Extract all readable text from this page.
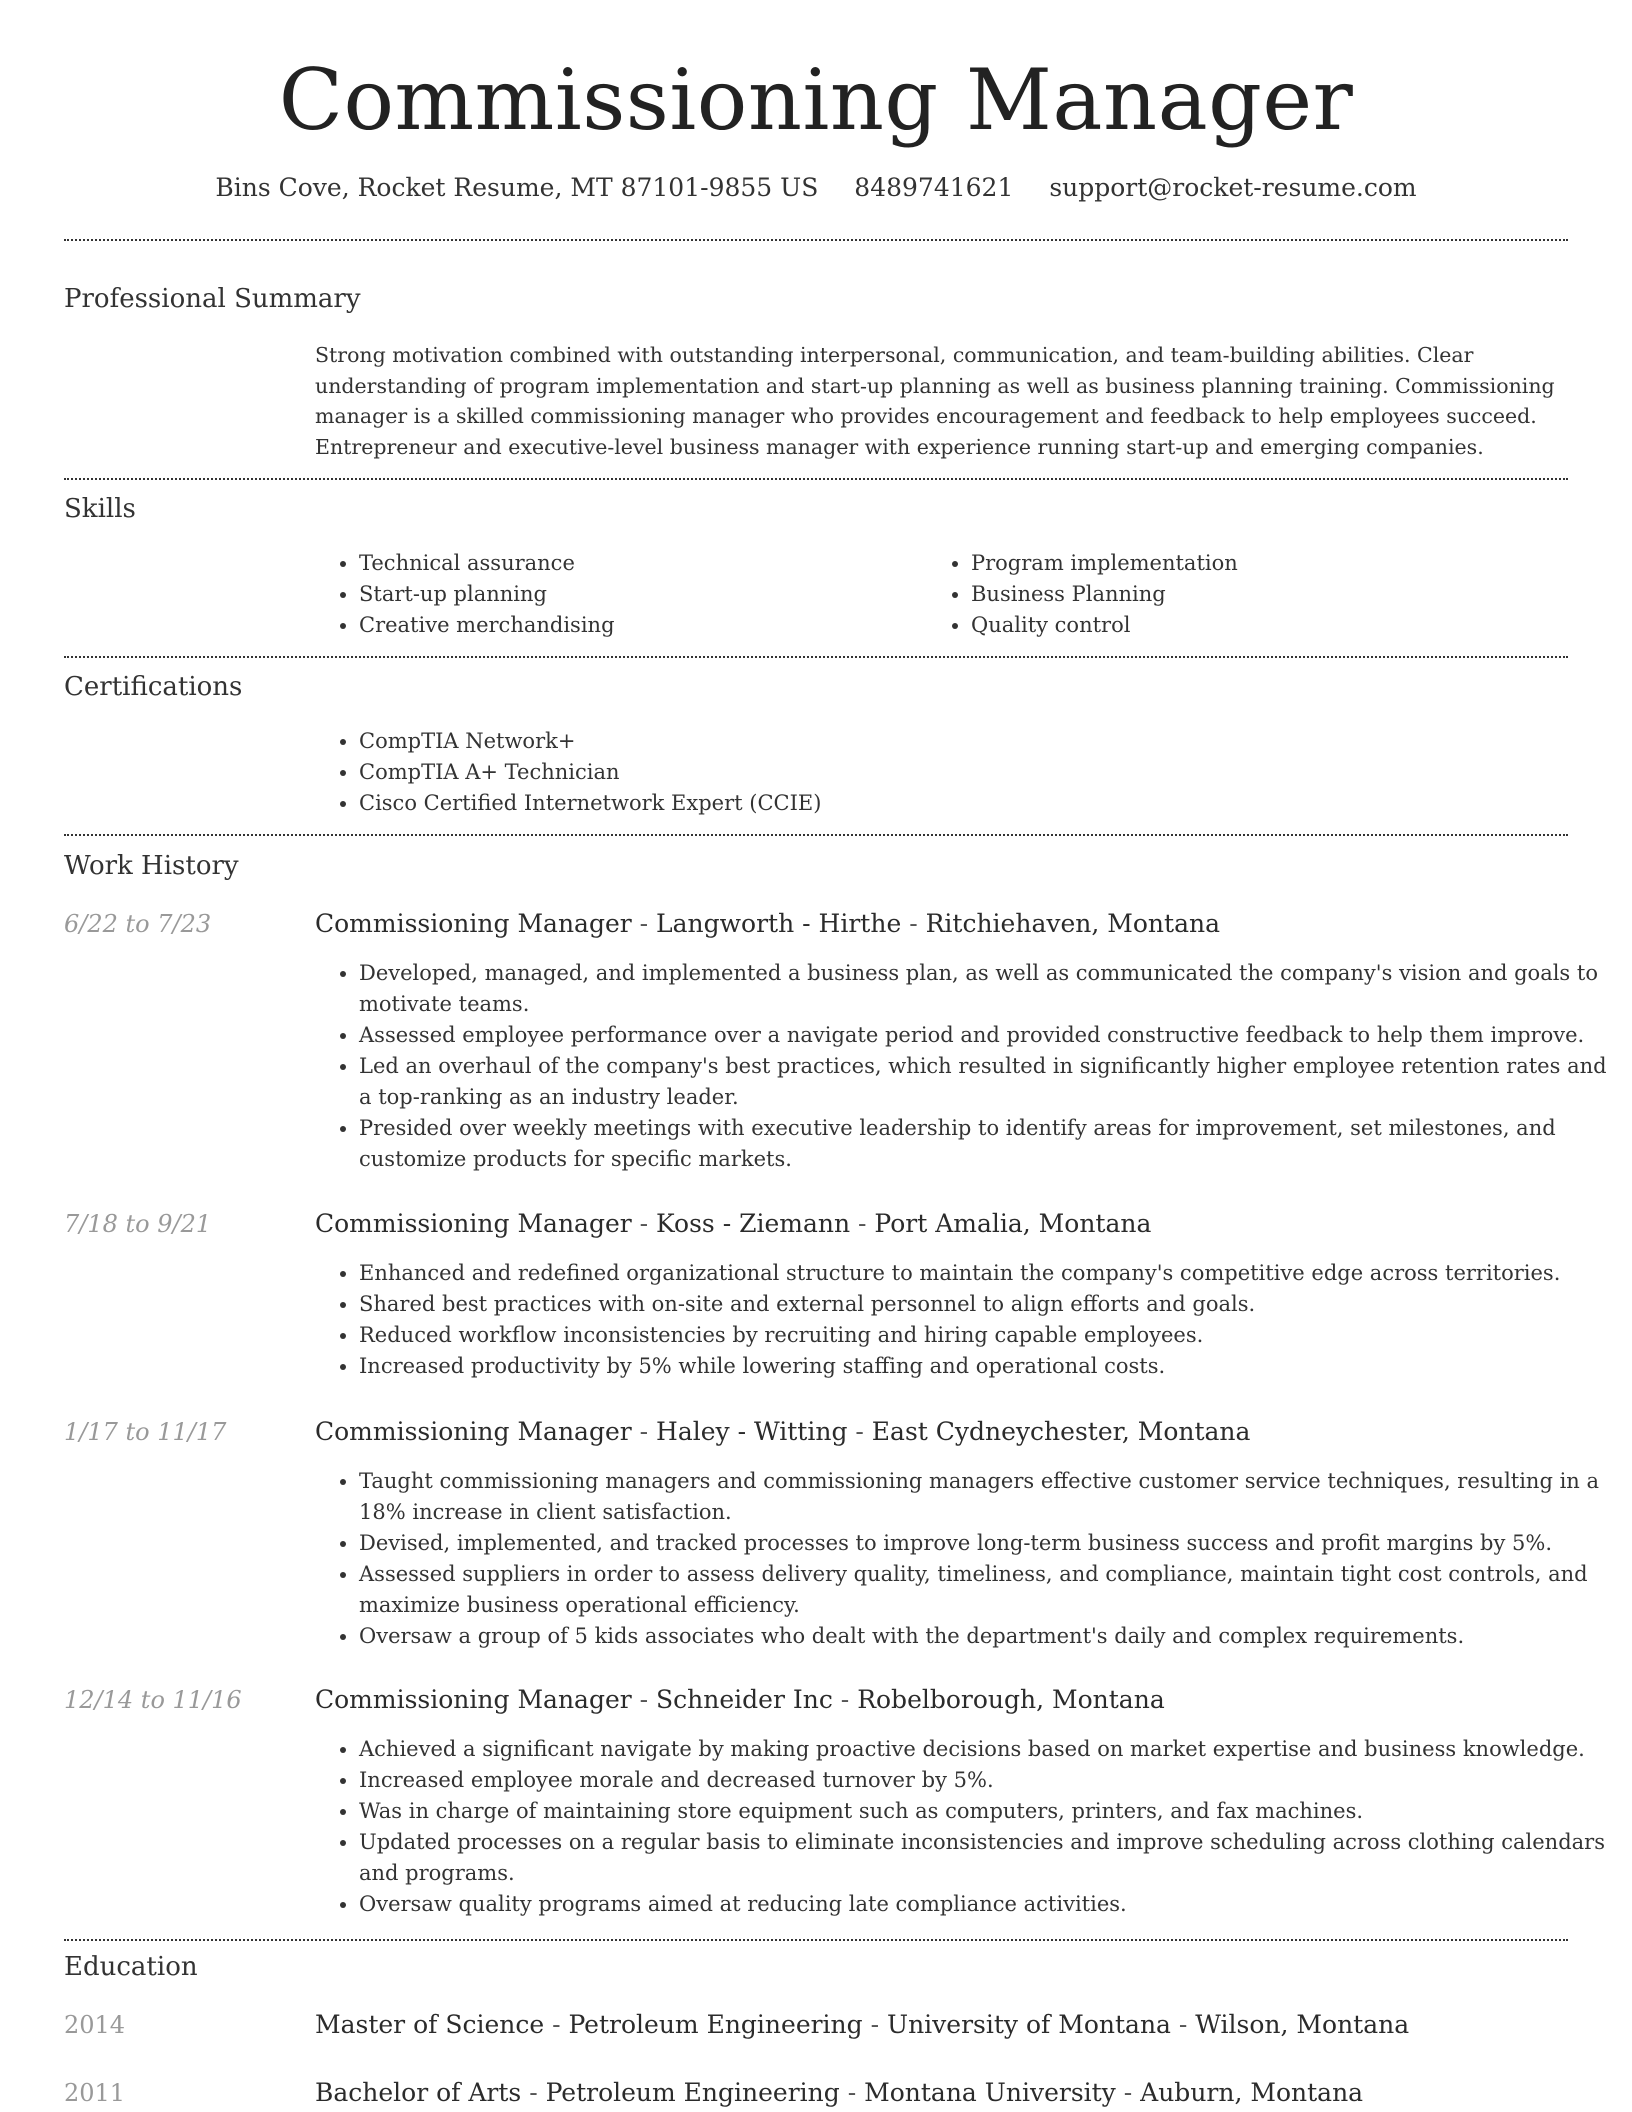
Commissioning Manager
Bins Cove, Rocket Resume, MT 87101-9855 US 8489741621 support@rocket-resume.com
Professional Summary
Strong motivation combined with outstanding interpersonal, communication, and team-building abilities. Clear understanding of program implementation and start-up planning as well as business planning training. Commissioning manager is a skilled commissioning manager who provides encouragement and feedback to help employees succeed. Entrepreneur and executive-level business manager with experience running start-up and emerging companies.
Skills
• Technical assurance
• Start-up planning
• Creative merchandising
• Program implementation
• Business Planning
• Quality control
Certifications
• CompTIA Network+
• CompTIA A+ Technician
• Cisco Certified Internetwork Expert (CCIE)
Work History
6/22 to 7/23	Commissioning Manager - Langworth - Hirthe - Ritchiehaven, Montana
• Developed, managed, and implemented a business plan, as well as communicated the company's vision and goals to motivate teams.
• Assessed employee performance over a navigate period and provided constructive feedback to help them improve.
• Led an overhaul of the company's best practices, which resulted in significantly higher employee retention rates and a top-ranking as an industry leader.
• Presided over weekly meetings with executive leadership to identify areas for improvement, set milestones, and customize products for specific markets.
7/18 to 9/21	Commissioning Manager - Koss - Ziemann - Port Amalia, Montana
• Enhanced and redefined organizational structure to maintain the company's competitive edge across territories.
• Shared best practices with on-site and external personnel to align efforts and goals.
• Reduced workflow inconsistencies by recruiting and hiring capable employees.
• Increased productivity by 5% while lowering staffing and operational costs.
1/17 to 11/17	Commissioning Manager - Haley - Witting - East Cydneychester, Montana
• Taught commissioning managers and commissioning managers effective customer service techniques, resulting in a 18% increase in client satisfaction.
• Devised, implemented, and tracked processes to improve long-term business success and profit margins by 5%.
• Assessed suppliers in order to assess delivery quality, timeliness, and compliance, maintain tight cost controls, and maximize business operational efficiency.
• Oversaw a group of 5 kids associates who dealt with the department's daily and complex requirements.
12/14 to 11/16	Commissioning Manager - Schneider Inc - Robelborough, Montana
• Achieved a significant navigate by making proactive decisions based on market expertise and business knowledge.
• Increased employee morale and decreased turnover by 5%.
• Was in charge of maintaining store equipment such as computers, printers, and fax machines.
• Updated processes on a regular basis to eliminate inconsistencies and improve scheduling across clothing calendars and programs.
• Oversaw quality programs aimed at reducing late compliance activities.
Education
2014	Master of Science - Petroleum Engineering - University of Montana - Wilson, Montana
2011	Bachelor of Arts - Petroleum Engineering - Montana University - Auburn, Montana
